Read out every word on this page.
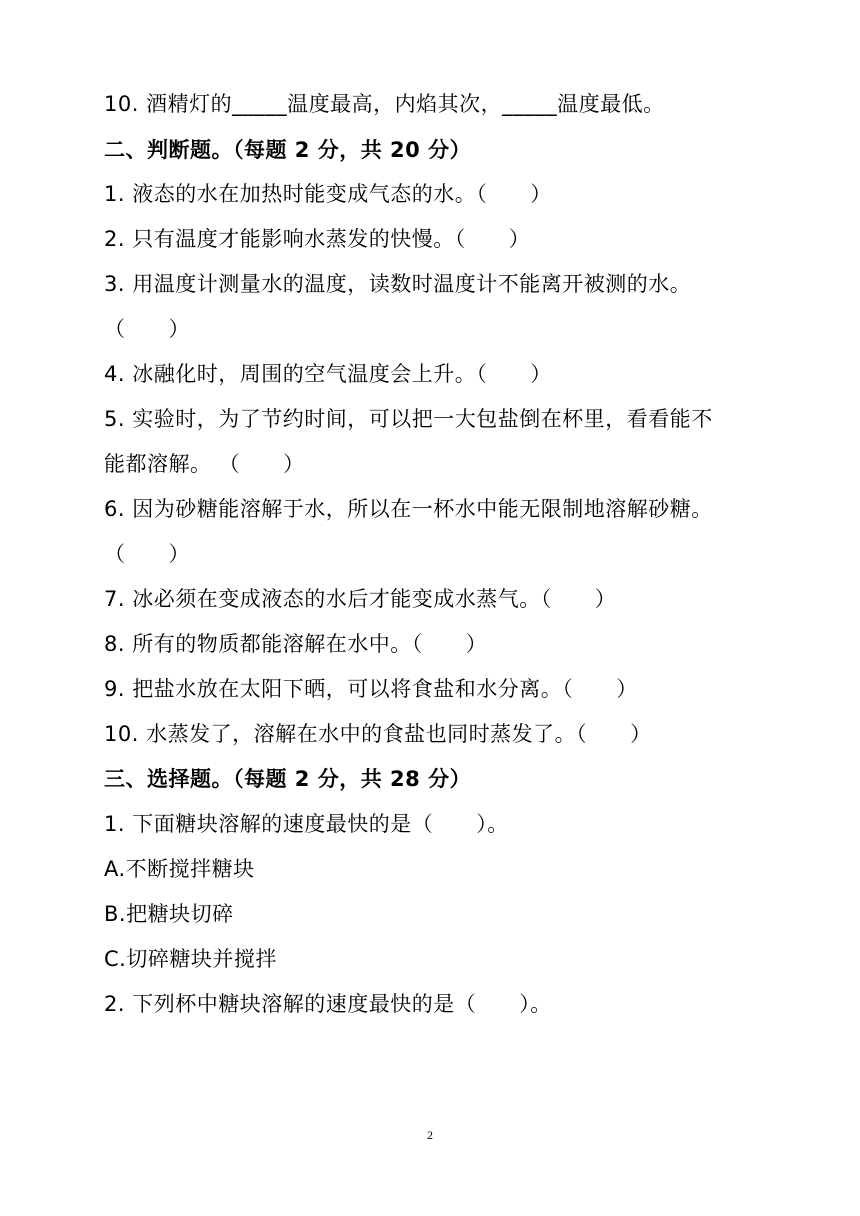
10. 酒精灯的_____温度最高，内焰其次，_____温度最低。
二、判断题。（每题 2 分，共 20 分）
1. 液态的水在加热时能变成气态的水。（　　）
2. 只有温度才能影响水蒸发的快慢。（　　）
3. 用温度计测量水的温度，读数时温度计不能离开被测的水。
（　　）
4. 冰融化时，周围的空气温度会上升。（　　）
5. 实验时，为了节约时间，可以把一大包盐倒在杯里，看看能不
能都溶解。 （　　）
6. 因为砂糖能溶解于水，所以在一杯水中能无限制地溶解砂糖。
（　　）
7. 冰必须在变成液态的水后才能变成水蒸气。（　　）
8. 所有的物质都能溶解在水中。（　　）
9. 把盐水放在太阳下晒，可以将食盐和水分离。（　　）
10. 水蒸发了，溶解在水中的食盐也同时蒸发了。（　　）
三、选择题。（每题 2 分，共 28 分）
1. 下面糖块溶解的速度最快的是（　　）。
A.不断搅拌糖块
B.把糖块切碎
C.切碎糖块并搅拌
2. 下列杯中糖块溶解的速度最快的是（　　）。
2
